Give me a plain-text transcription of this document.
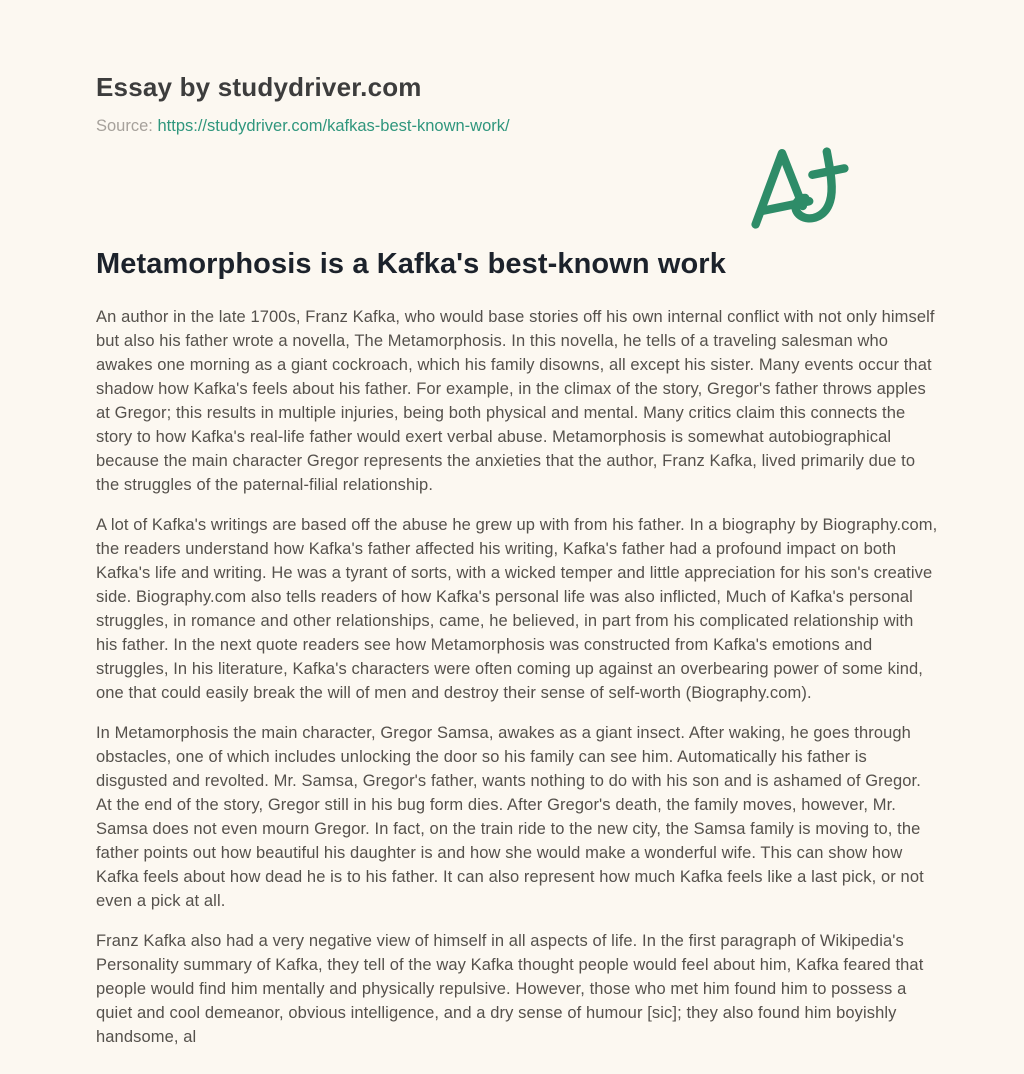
Essay by studydriver.com
Source: https://studydriver.com/kafkas-best-known-work/
Metamorphosis is a Kafka's best-known work

An author in the late 1700s, Franz Kafka, who would base stories off his own internal conflict with not only himself but also his father wrote a novella, The Metamorphosis. In this novella, he tells of a traveling salesman who awakes one morning as a giant cockroach, which his family disowns, all except his sister. Many events occur that shadow how Kafka's feels about his father. For example, in the climax of the story, Gregor's father throws apples at Gregor; this results in multiple injuries, being both physical and mental. Many critics claim this connects the story to how Kafka's real-life father would exert verbal abuse. Metamorphosis is somewhat autobiographical because the main character Gregor represents the anxieties that the author, Franz Kafka, lived primarily due to the struggles of the paternal-filial relationship.

A lot of Kafka's writings are based off the abuse he grew up with from his father. In a biography by Biography.com, the readers understand how Kafka's father affected his writing, Kafka's father had a profound impact on both Kafka's life and writing. He was a tyrant of sorts, with a wicked temper and little appreciation for his son's creative side. Biography.com also tells readers of how Kafka's personal life was also inflicted, Much of Kafka's personal struggles, in romance and other relationships, came, he believed, in part from his complicated relationship with his father. In the next quote readers see how Metamorphosis was constructed from Kafka's emotions and struggles, In his literature, Kafka's characters were often coming up against an overbearing power of some kind, one that could easily break the will of men and destroy their sense of self-worth (Biography.com).

In Metamorphosis the main character, Gregor Samsa, awakes as a giant insect. After waking, he goes through obstacles, one of which includes unlocking the door so his family can see him. Automatically his father is disgusted and revolted. Mr. Samsa, Gregor's father, wants nothing to do with his son and is ashamed of Gregor. At the end of the story, Gregor still in his bug form dies. After Gregor's death, the family moves, however, Mr. Samsa does not even mourn Gregor. In fact, on the train ride to the new city, the Samsa family is moving to, the father points out how beautiful his daughter is and how she would make a wonderful wife. This can show how Kafka feels about how dead he is to his father. It can also represent how much Kafka feels like a last pick, or not even a pick at all.

Franz Kafka also had a very negative view of himself in all aspects of life. In the first paragraph of Wikipedia's Personality summary of Kafka, they tell of the way Kafka thought people would feel about him, Kafka feared that people would find him mentally and physically repulsive. However, those who met him found him to possess a quiet and cool demeanor, obvious intelligence, and a dry sense of humour [sic]; they also found him boyishly handsome, al
